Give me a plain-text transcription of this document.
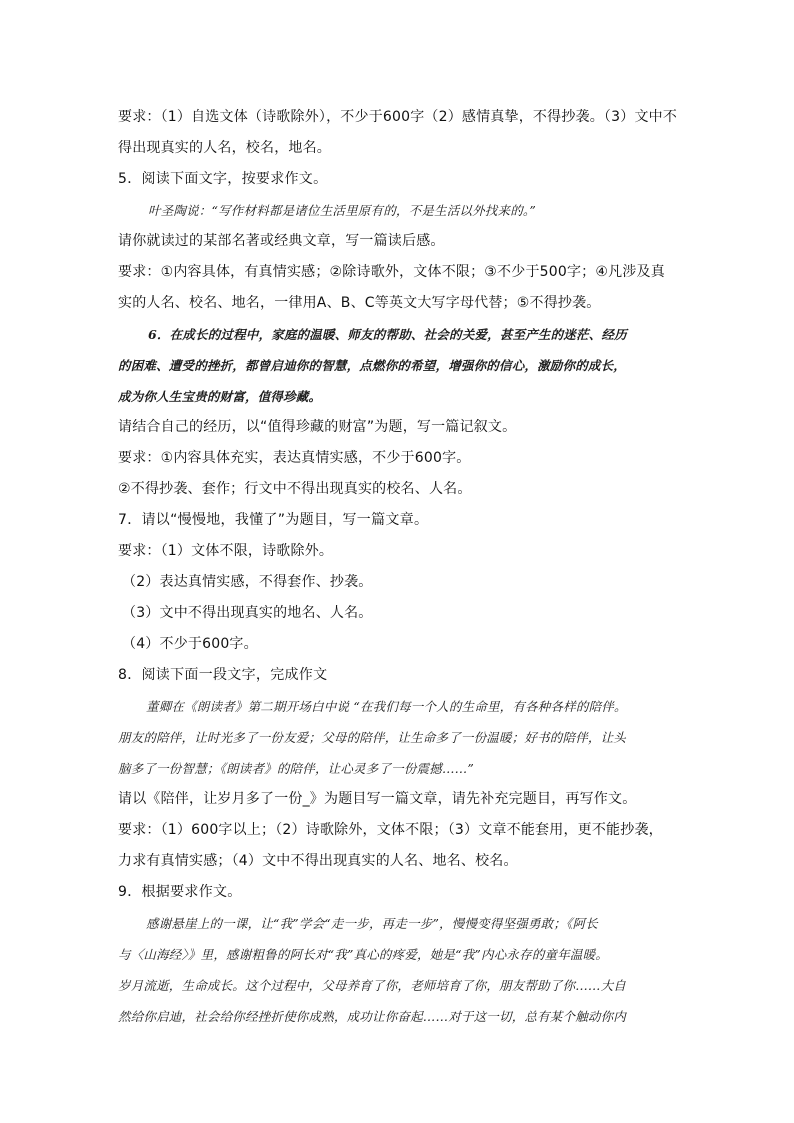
要求：（1）自选文体（诗歌除外），不少于600字（2）感情真挚，不得抄袭。（3）文中不
得出现真实的人名，校名，地名。
5．阅读下面文字，按要求作文。
叶圣陶说：“写作材料都是诸位生活里原有的，不是生活以外找来的。”
请你就读过的某部名著或经典文章，写一篇读后感。
要求：①内容具体，有真情实感；②除诗歌外，文体不限；③不少于500字；④凡涉及真
实的人名、校名、地名，一律用A、B、C等英文大写字母代替；⑤不得抄袭。
6．在成长的过程中，家庭的温暖、师友的帮助、社会的关爱，甚至产生的迷茫、经历
的困难、遭受的挫折，都曾启迪你的智慧，点燃你的希望，增强你的信心，激励你的成长，
成为你人生宝贵的财富，值得珍藏。
请结合自己的经历，以“值得珍藏的财富”为题，写一篇记叙文。
要求：①内容具体充实，表达真情实感，不少于600字。
②不得抄袭、套作；行文中不得出现真实的校名、人名。
7．请以“慢慢地，我懂了”为题目，写一篇文章。
要求：（1）文体不限，诗歌除外。
（2）表达真情实感，不得套作、抄袭。
（3）文中不得出现真实的地名、人名。
（4）不少于600字。
8．阅读下面一段文字，完成作文
董卿在《朗读者》第二期开场白中说 “在我们每一个人的生命里，有各种各样的陪伴。
朋友的陪伴，让时光多了一份友爱；父母的陪伴，让生命多了一份温暖；好书的陪伴，让头
脑多了一份智慧；《朗读者》的陪伴，让心灵多了一份震撼……”
请以《陪伴，让岁月多了一份_》为题目写一篇文章，请先补充完题目，再写作文。
要求：（1）600字以上；（2）诗歌除外，文体不限；（3）文章不能套用，更不能抄袭，
力求有真情实感；（4）文中不得出现真实的人名、地名、校名。
9．根据要求作文。
感谢悬崖上的一课，让“我”学会“走一步，再走一步”，慢慢变得坚强勇敢；《阿长
与〈山海经〉》里，感谢粗鲁的阿长对“我”真心的疼爱，她是“我”内心永存的童年温暖。
岁月流逝，生命成长。这个过程中，父母养育了你，老师培育了你，朋友帮助了你……大自
然给你启迪，社会给你经挫折使你成熟，成功让你奋起……对于这一切，总有某个触动你内
